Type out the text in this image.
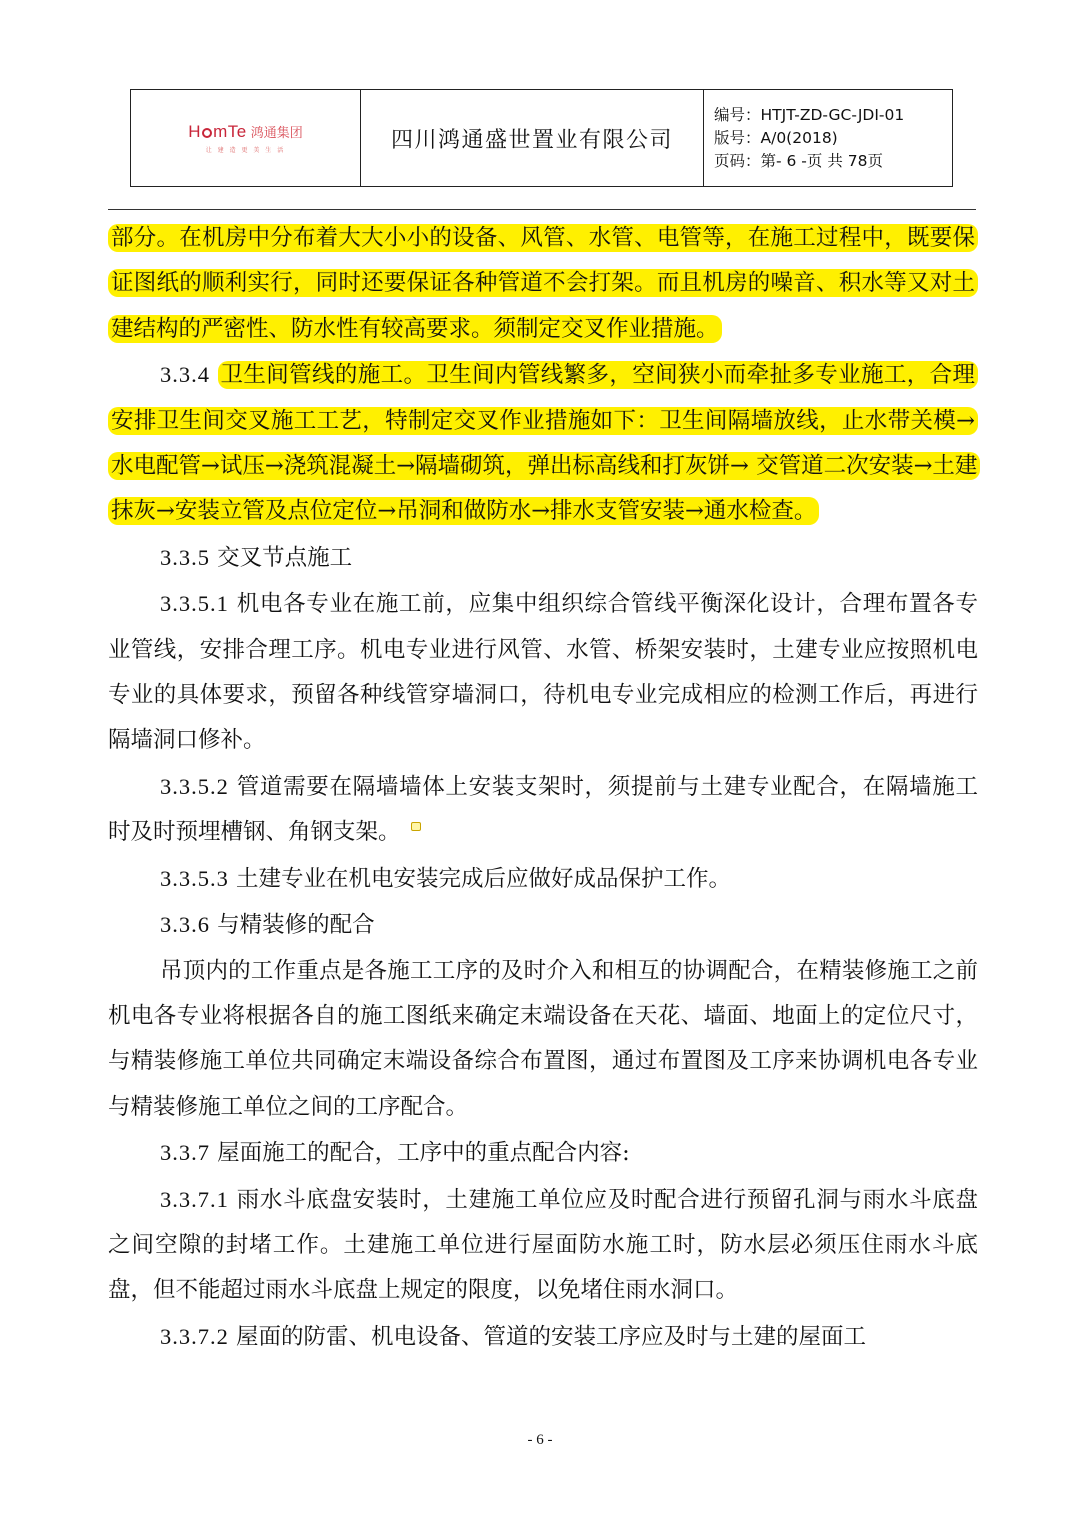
H mTe 鸿通集团
让 建 造 更 美 生 活	四川鸿通盛世置业有限公司
编号：HTJT-ZD-GC-JDⅠ-01
版号：A/0(2018)
页码：第- 6 -页 共 78页

部分。在机房中分布着大大小小的设备、风管、水管、电管等，在施工过程中，既要保证图纸的顺利实行，同时还要保证各种管道不会打架。而且机房的噪音、积水等又对土建结构的严密性、防水性有较高要求。须制定交叉作业措施。

3.3.4 卫生间管线的施工。卫生间内管线繁多，空间狭小而牵扯多专业施工，合理安排卫生间交叉施工工艺，特制定交叉作业措施如下：卫生间隔墙放线，止水带关模→水电配管→试压→浇筑混凝土→隔墙砌筑，弹出标高线和打灰饼→ 交管道二次安装→土建抹灰→安装立管及点位定位→吊洞和做防水→排水支管安装→通水检查。

3.3.5 交叉节点施工

3.3.5.1 机电各专业在施工前，应集中组织综合管线平衡深化设计，合理布置各专业管线，安排合理工序。机电专业进行风管、水管、桥架安装时，土建专业应按照机电专业的具体要求，预留各种线管穿墙洞口，待机电专业完成相应的检测工作后，再进行隔墙洞口修补。

3.3.5.2 管道需要在隔墙墙体上安装支架时，须提前与土建专业配合，在隔墙施工时及时预埋槽钢、角钢支架。

3.3.5.3 土建专业在机电安装完成后应做好成品保护工作。

3.3.6 与精装修的配合

吊顶内的工作重点是各施工工序的及时介入和相互的协调配合，在精装修施工之前机电各专业将根据各自的施工图纸来确定末端设备在天花、墙面、地面上的定位尺寸，与精装修施工单位共同确定末端设备综合布置图，通过布置图及工序来协调机电各专业与精装修施工单位之间的工序配合。

3.3.7 屋面施工的配合，工序中的重点配合内容:

3.3.7.1 雨水斗底盘安装时，土建施工单位应及时配合进行预留孔洞与雨水斗底盘之间空隙的封堵工作。土建施工单位进行屋面防水施工时，防水层必须压住雨水斗底盘，但不能超过雨水斗底盘上规定的限度，以免堵住雨水洞口。

3.3.7.2 屋面的防雷、机电设备、管道的安装工序应及时与土建的屋面工

- 6 -
